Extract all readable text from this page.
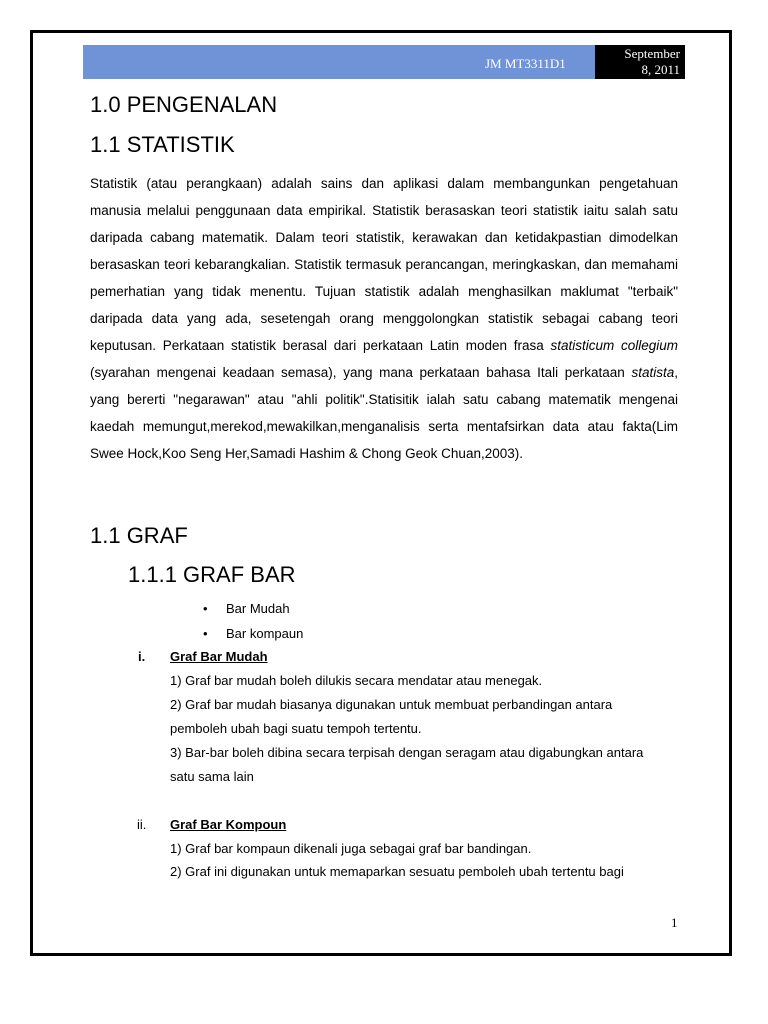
JM MT3311D1
September
8, 2011
1.0 PENGENALAN
1.1 STATISTIK

Statistik (atau perangkaan) adalah sains dan aplikasi dalam membangunkan pengetahuan manusia melalui penggunaan data empirikal. Statistik berasaskan teori statistik iaitu salah satu daripada cabang matematik. Dalam teori statistik, kerawakan dan ketidakpastian dimodelkan berasaskan teori kebarangkalian. Statistik termasuk perancangan, meringkaskan, dan memahami pemerhatian yang tidak menentu. Tujuan statistik adalah menghasilkan maklumat "terbaik" daripada data yang ada, sesetengah orang menggolongkan statistik sebagai cabang teori keputusan. Perkataan statistik berasal dari perkataan Latin moden frasa statisticum collegium (syarahan mengenai keadaan semasa), yang mana perkataan bahasa Itali perkataan statista, yang bererti "negarawan" atau "ahli politik".Statisitik ialah satu cabang matematik mengenai kaedah memungut,merekod,mewakilkan,menganalisis serta mentafsirkan data atau fakta(Lim Swee Hock,Koo Seng Her,Samadi Hashim & Chong Geok Chuan,2003).

1.1 GRAF
1.1.1 GRAF BAR
• Bar Mudah
• Bar kompaun
i. Graf Bar Mudah
1) Graf bar mudah boleh dilukis secara mendatar atau menegak.
2) Graf bar mudah biasanya digunakan untuk membuat perbandingan antara
pemboleh ubah bagi suatu tempoh tertentu.
3) Bar-bar boleh dibina secara terpisah dengan seragam atau digabungkan antara
satu sama lain
ii. Graf Bar Kompoun
1) Graf bar kompaun dikenali juga sebagai graf bar bandingan.
2) Graf ini digunakan untuk memaparkan sesuatu pemboleh ubah tertentu bagi
1
